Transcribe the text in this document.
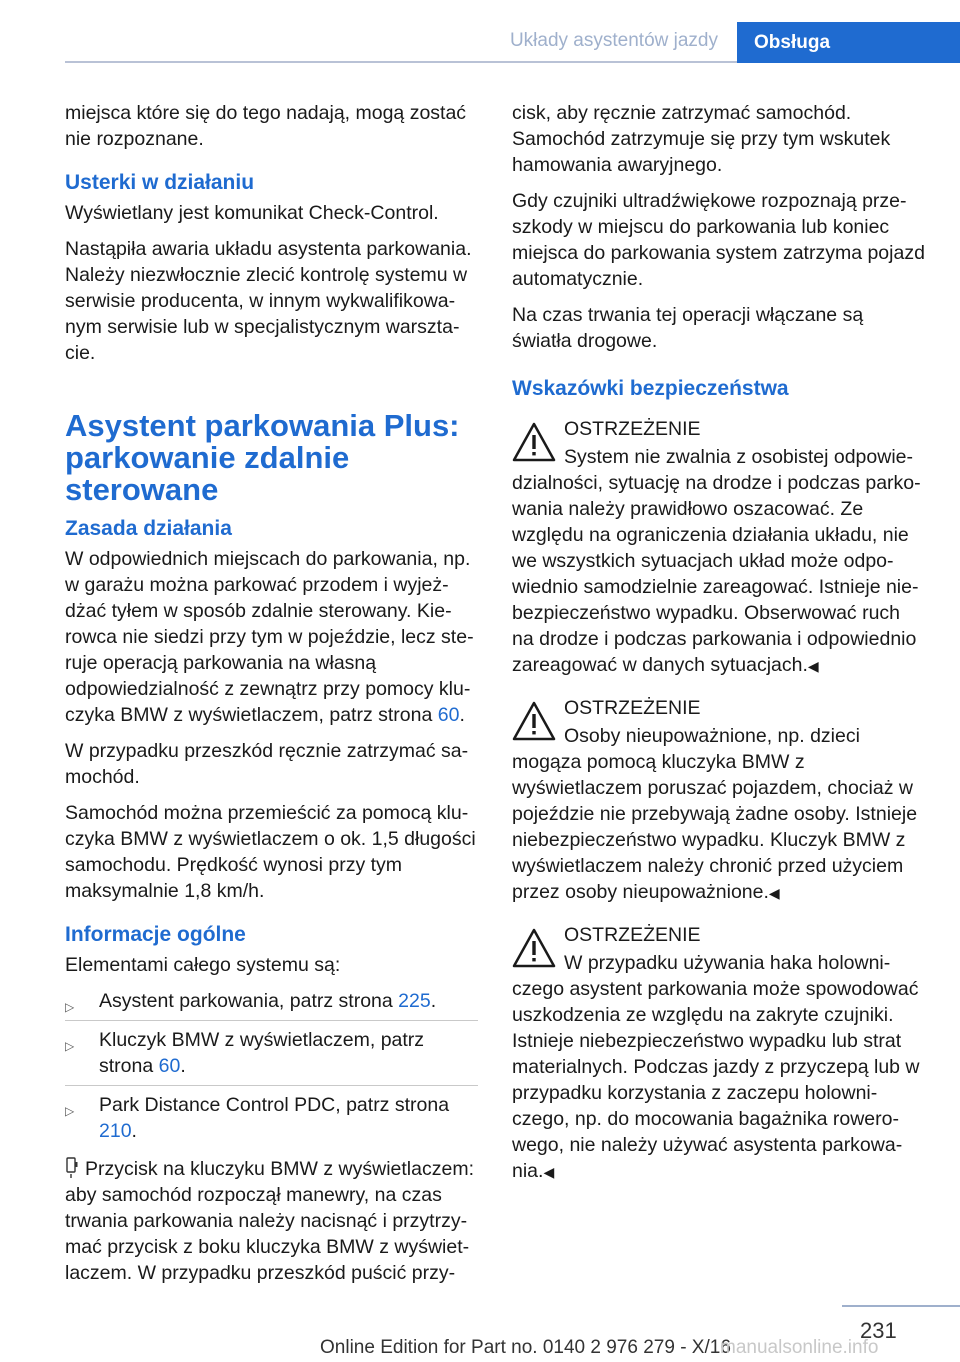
Układy asystentów jazdy	Obsługa

miejsca które się do tego nadają, mogą zostać nie rozpoznane.

Usterki w działaniu

Wyświetlany jest komunikat Check-Control.

Nastąpiła awaria układu asystenta parkowania. Należy niezwłocznie zlecić kontrolę systemu w serwisie producenta, w innym wykwalifikowanym serwisie lub w specjalistycznym warsztacie.

Asystent parkowania Plus: parkowanie zdalnie sterowane
Zasada działania

W odpowiednich miejscach do parkowania, np. w garażu można parkować przodem i wyjeżdżać tyłem w sposób zdalnie sterowany. Kierowca nie siedzi przy tym w pojeździe, lecz steruje operacją parkowania na własną odpowiedzialność z zewnątrz przy pomocy kluczyka BMW z wyświetlaczem, patrz strona 60.

W przypadku przeszkód ręcznie zatrzymać samochód.

Samochód można przemieścić za pomocą kluczyka BMW z wyświetlaczem o ok. 1,5 długości samochodu. Prędkość wynosi przy tym maksymalnie 1,8 km/h.

Informacje ogólne

Elementami całego systemu są:

▷ Asystent parkowania, patrz strona 225.
▷ Kluczyk BMW z wyświetlaczem, patrz strona 60.
▷ Park Distance Control PDC, patrz strona 210.

Przycisk na kluczyku BMW z wyświetlaczem: aby samochód rozpoczął manewry, na czas trwania parkowania należy nacisnąć i przytrzymać przycisk z boku kluczyka BMW z wyświetlaczem. W przypadku przeszkód puścić przy-

cisk, aby ręcznie zatrzymać samochód. Samochód zatrzymuje się przy tym wskutek hamowania awaryjnego.

Gdy czujniki ultradźwiękowe rozpoznają przeszkody w miejscu do parkowania lub koniec miejsca do parkowania system zatrzyma pojazd automatycznie.

Na czas trwania tej operacji włączane są światła drogowe.

Wskazówki bezpieczeństwa
OSTRZEŻENIE

System nie zwalnia z osobistej odpowiedzialności, sytuację na drodze i podczas parkowania należy prawidłowo oszacować. Ze względu na ograniczenia działania układu, nie we wszystkich sytuacjach układ może odpowiednio samodzielnie zareagować. Istnieje niebezpieczeństwo wypadku. Obserwować ruch na drodze i podczas parkowania i odpowiednio zareagować w danych sytuacjach.◀

OSTRZEŻENIE

Osoby nieupoważnione, np. dzieci mogąza pomocą kluczyka BMW z wyświetlaczem poruszać pojazdem, chociaż w pojeździe nie przebywają żadne osoby. Istnieje niebezpieczeństwo wypadku. Kluczyk BMW z wyświetlaczem należy chronić przed użyciem przez osoby nieupoważnione.◀

OSTRZEŻENIE

W przypadku używania haka holowniczego asystent parkowania może spowodować uszkodzenia ze względu na zakryte czujniki. Istnieje niebezpieczeństwo wypadku lub strat materialnych. Podczas jazdy z przyczepą lub w przypadku korzystania z zaczepu holowniczego, np. do mocowania bagażnika rowerowego, nie należy używać asystenta parkowania.◀

231
Online Edition for Part no. 0140 2 976 279 - X/16
manualsonline.info
